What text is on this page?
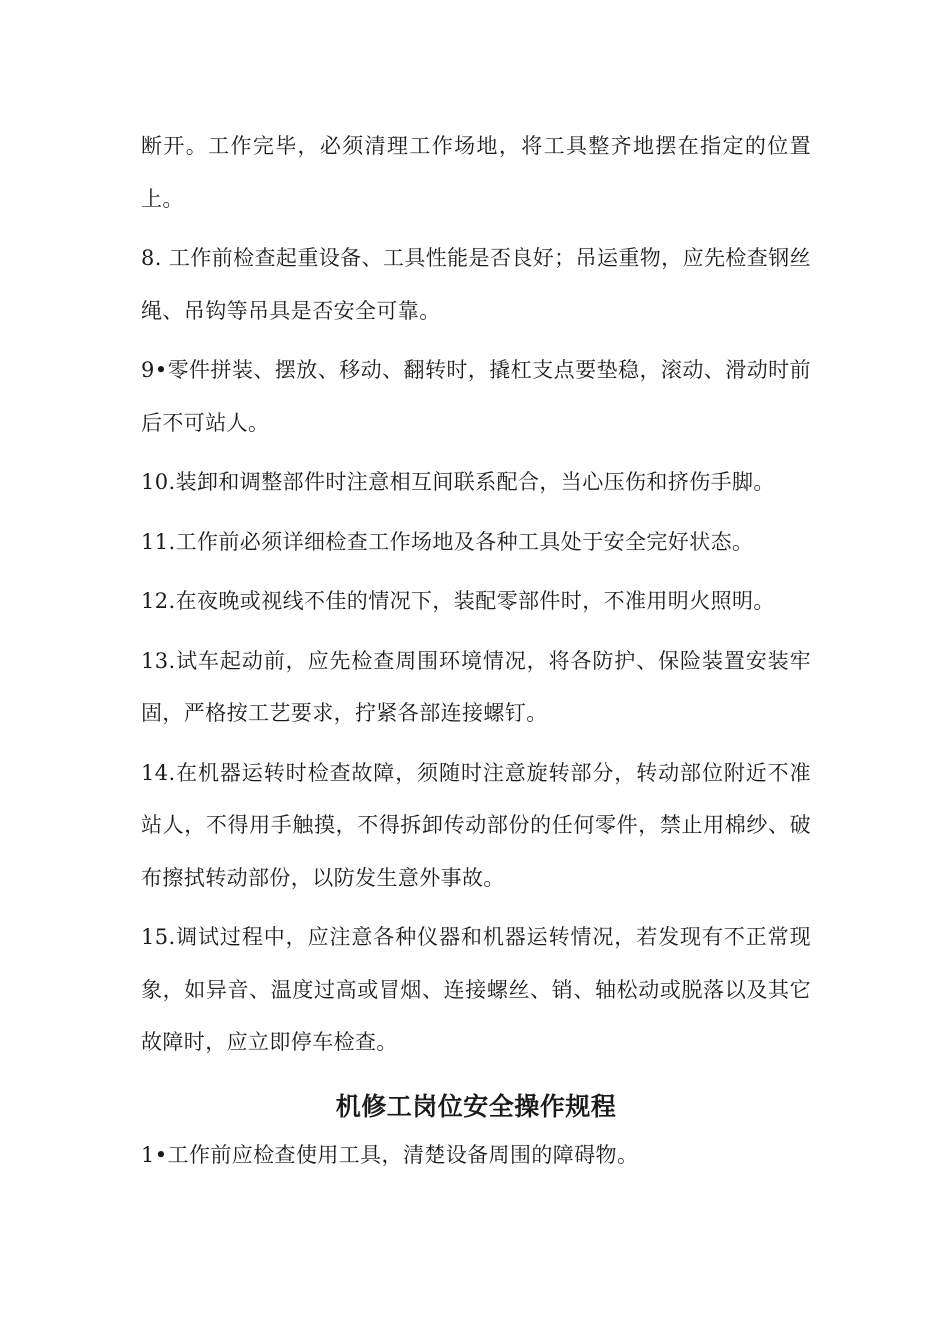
断开。工作完毕，必须清理工作场地，将工具整齐地摆在指定的位置上。

8. 工作前检查起重设备、工具性能是否良好；吊运重物，应先检查钢丝绳、吊钩等吊具是否安全可靠。

9•零件拼装、摆放、移动、翻转时，撬杠支点要垫稳，滚动、滑动时前后不可站人。

10.装卸和调整部件时注意相互间联系配合，当心压伤和挤伤手脚。

11.工作前必须详细检查工作场地及各种工具处于安全完好状态。

12.在夜晚或视线不佳的情况下，装配零部件时，不准用明火照明。

13.试车起动前，应先检查周围环境情况，将各防护、保险装置安装牢固，严格按工艺要求，拧紧各部连接螺钉。

14.在机器运转时检查故障，须随时注意旋转部分，转动部位附近不准站人，不得用手触摸，不得拆卸传动部份的任何零件，禁止用棉纱、破布擦拭转动部份，以防发生意外事故。

15.调试过程中，应注意各种仪器和机器运转情况，若发现有不正常现象，如异音、温度过高或冒烟、连接螺丝、销、轴松动或脱落以及其它故障时，应立即停车检查。

机修工岗位安全操作规程

1•工作前应检查使用工具，清楚设备周围的障碍物。
